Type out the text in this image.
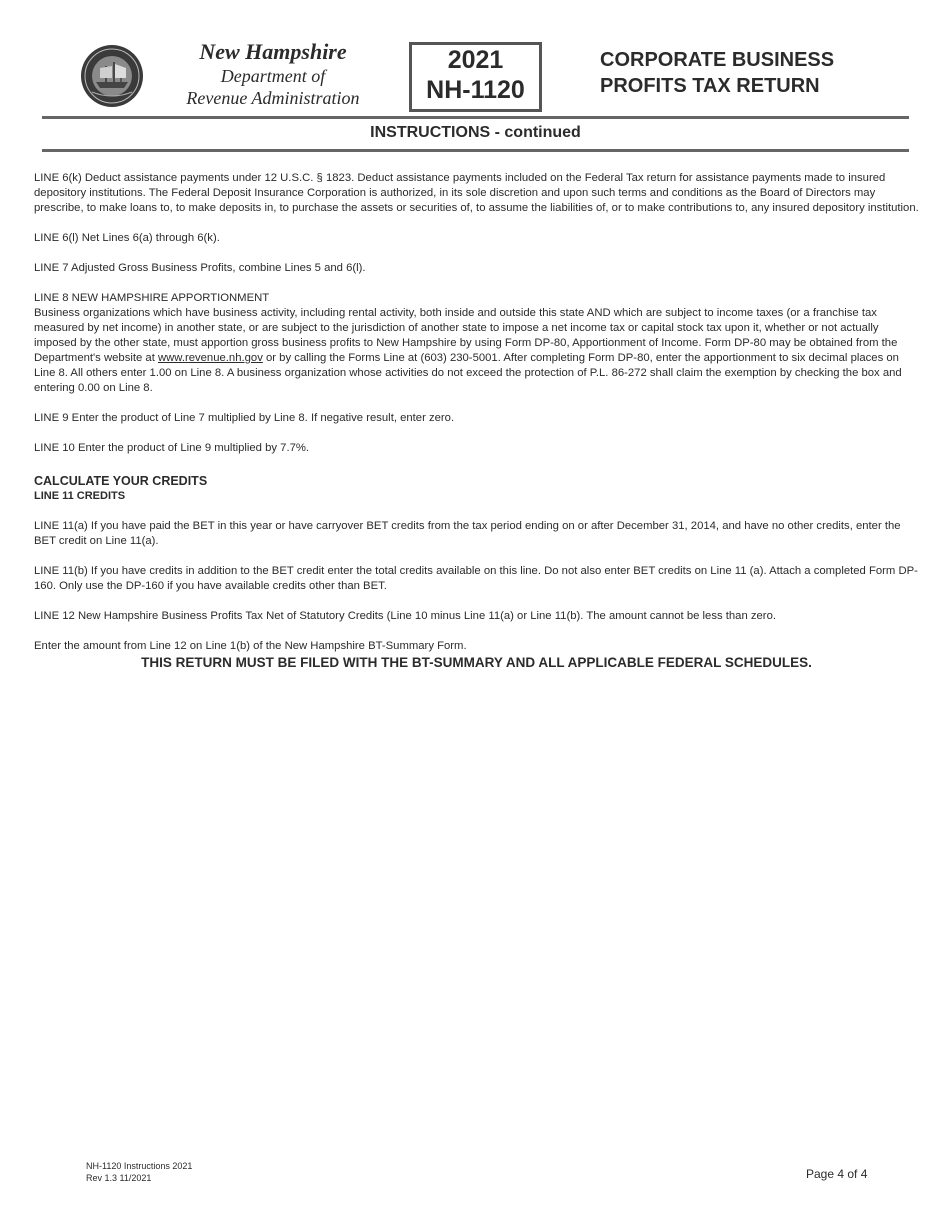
New Hampshire
Department of
Revenue Administration
2021
NH-1120
CORPORATE BUSINESS
PROFITS TAX RETURN
INSTRUCTIONS - continued

LINE 6(k) Deduct assistance payments under 12 U.S.C. § 1823. Deduct assistance payments included on the Federal Tax return for assistance payments made to insured depository institutions. The Federal Deposit Insurance Corporation is authorized, in its sole discretion and upon such terms and conditions as the Board of Directors may prescribe, to make loans to, to make deposits in, to purchase the assets or securities of, to assume the liabilities of, or to make contributions to, any insured depository institution.

LINE 6(l) Net Lines 6(a) through 6(k).

LINE 7 Adjusted Gross Business Profits, combine Lines 5 and 6(l).

LINE 8 NEW HAMPSHIRE APPORTIONMENT

Business organizations which have business activity, including rental activity, both inside and outside this state AND which are subject to income taxes (or a franchise tax measured by net income) in another state, or are subject to the jurisdiction of another state to impose a net income tax or capital stock tax upon it, whether or not actually imposed by the other state, must apportion gross business profits to New Hampshire by using Form DP-80, Apportionment of Income. Form DP-80 may be obtained from the Department's website at www.revenue.nh.gov or by calling the Forms Line at (603) 230-5001. After completing Form DP-80, enter the apportionment to six decimal places on Line 8. All others enter 1.00 on Line 8. A business organization whose activities do not exceed the protection of P.L. 86-272 shall claim the exemption by checking the box and entering 0.00 on Line 8.

LINE 9 Enter the product of Line 7 multiplied by Line 8. If negative result, enter zero.

LINE 10 Enter the product of Line 9 multiplied by 7.7%.

CALCULATE YOUR CREDITS

LINE 11 CREDITS

LINE 11(a) If you have paid the BET in this year or have carryover BET credits from the tax period ending on or after December 31, 2014, and have no other credits, enter the BET credit on Line 11(a).

LINE 11(b) If you have credits in addition to the BET credit enter the total credits available on this line. Do not also enter BET credits on Line 11 (a). Attach a completed Form DP-160. Only use the DP-160 if you have available credits other than BET.

LINE 12 New Hampshire Business Profits Tax Net of Statutory Credits (Line 10 minus Line 11(a) or Line 11(b). The amount cannot be less than zero.

Enter the amount from Line 12 on Line 1(b) of the New Hampshire BT-Summary Form.

THIS RETURN MUST BE FILED WITH THE BT-SUMMARY AND ALL APPLICABLE FEDERAL SCHEDULES.

NH-1120 Instructions 2021
Rev 1.3 11/2021	Page 4 of 4
